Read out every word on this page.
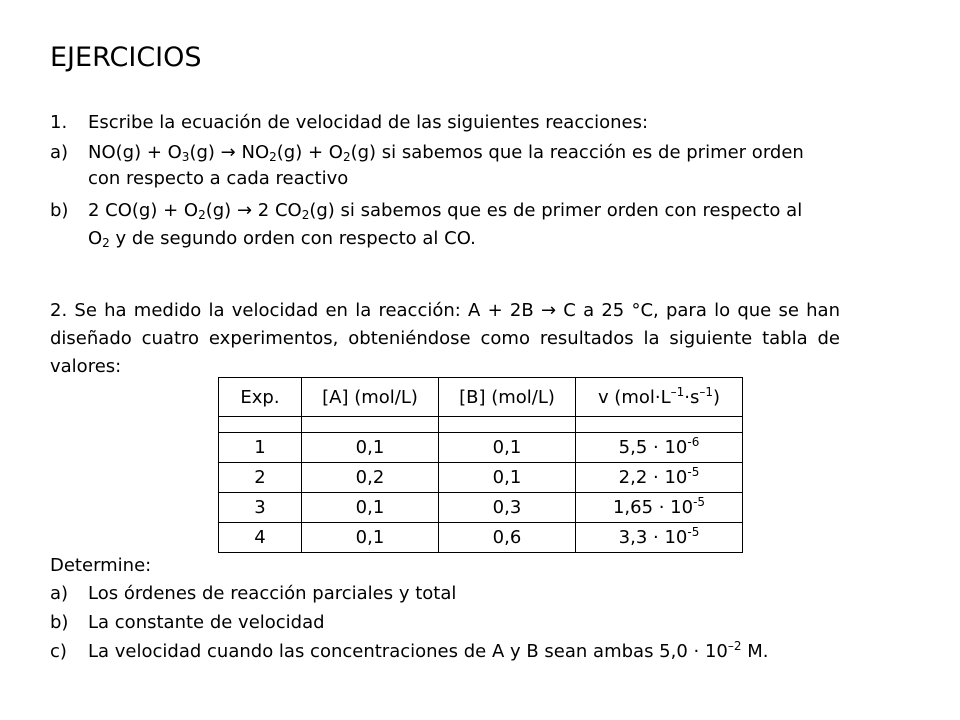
EJERCICIOS
1. Escribe la ecuación de velocidad de las siguientes reacciones:
a) $NO(g) + O_3(g) \to NO_2(g) + O_2(g)$ si sabemos que la reacción es de primer orden
con respecto a cada reactivo
b) 2 $CO(g) + O_2(g) \to 2$ $CO_2(g)$ si sabemos que es de primer orden con respecto al
$O_2$ y de segundo orden con respecto al CO.
2. Se ha medido la velocidad en la reacción: A + 2B → C a 25 °C, para lo que se han diseñado cuatro experimentos, obteniéndose como resultados la siguiente tabla de valores:
Exp.	[A] (mol/L)	[B] (mol/L)	v $(mol\cdot L^{-1}\cdot s^{-1})$

1	0,1	0,1	$5,5 \cdot 10^{-6}$
2	0,2	0,1	$2,2 \cdot 10^{-5}$
3	0,1	0,3	$1,65 \cdot 10^{-5}$
4	0,1	0,6	$3,3 \cdot 10^{-5}$
Determine:
a) Los órdenes de reacción parciales y total
b) La constante de velocidad
c) La velocidad cuando las concentraciones de A y B sean ambas $5,0 \cdot 10^{-2}$ M.
